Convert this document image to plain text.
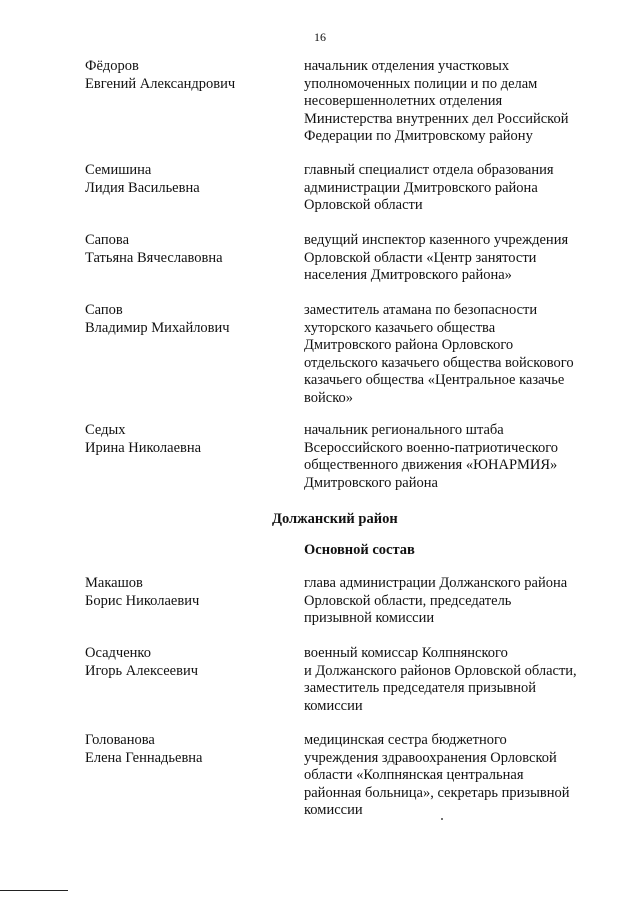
16
Фёдоров
Евгений Александрович
начальник отделения участковых
уполномоченных полиции и по делам
несовершеннолетних отделения
Министерства внутренних дел Российской
Федерации по Дмитровскому району
Семишина
Лидия Васильевна
главный специалист отдела образования
администрации Дмитровского района
Орловской области
Сапова
Татьяна Вячеславовна
ведущий инспектор казенного учреждения
Орловской области «Центр занятости
населения Дмитровского района»
Сапов
Владимир Михайлович
заместитель атамана по безопасности
хуторского казачьего общества
Дмитровского района Орловского
отдельского казачьего общества войскового
казачьего общества «Центральное казачье
войско»
Седых
Ирина Николаевна
начальник регионального штаба
Всероссийского военно-патриотического
общественного движения «ЮНАРМИЯ»
Дмитровского района
Должанский район
Основной состав
Макашов
Борис Николаевич
глава администрации Должанского района
Орловской области, председатель
призывной комиссии
Осадченко
Игорь Алексеевич
военный комиссар Колпнянского
и Должанского районов Орловской области,
заместитель председателя призывной
комиссии
Голованова
Елена Геннадьевна
медицинская сестра бюджетного
учреждения здравоохранения Орловской
области «Колпнянская центральная
районная больница», секретарь призывной
комиссии
